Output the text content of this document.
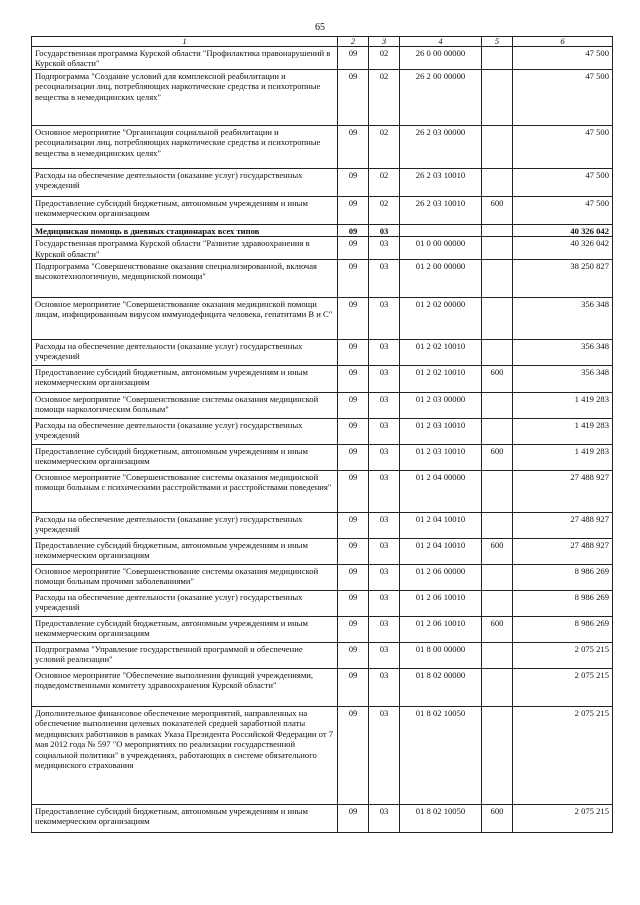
65
1	2	3	4	5	6
Государственная программа Курской области "Профилактика правонарушений в Курской области"	09	02	26 0 00 00000		47 500
Подпрограмма "Создание условий для комплексной реабилитации и ресоциализации лиц, потребляющих наркотические средства и психотропные вещества в немедицинских целях"	09	02	26 2 00 00000		47 500
Основное мероприятие "Организация социальной реабилитации и ресоциализации лиц, потребляющих наркотические средства и психотропные вещества в немедицинских целях"	09	02	26 2 03 00000		47 500
Расходы на обеспечение деятельности (оказание услуг) государственных учреждений	09	02	26 2 03 10010		47 500
Предоставление субсидий бюджетным, автономным учреждениям и иным некоммерческим организациям	09	02	26 2 03 10010	600	47 500
Медицинская помощь в дневных стационарах всех типов	09	03			40 326 042
Государственная программа Курской области "Развитие здравоохранения в Курской области"	09	03	01 0 00 00000		40 326 042
Подпрограмма "Совершенствование оказания специализированной, включая высокотехнологичную, медицинской помощи"	09	03	01 2 00 00000		38 250 827
Основное мероприятие "Совершенствование оказания медицинской помощи лицам, инфицированным вирусом иммунодефицита человека, гепатитами В и С"	09	03	01 2 02 00000		356 348
Расходы на обеспечение деятельности (оказание услуг) государственных учреждений	09	03	01 2 02 10010		356 348
Предоставление субсидий бюджетным, автономным учреждениям и иным некоммерческим организациям	09	03	01 2 02 10010	600	356 348
Основное мероприятие "Совершенствование системы оказания медицинской помощи наркологическим больным"	09	03	01 2 03 00000		1 419 283
Расходы на обеспечение деятельности (оказание услуг) государственных учреждений	09	03	01 2 03 10010		1 419 283
Предоставление субсидий бюджетным, автономным учреждениям и иным некоммерческим организациям	09	03	01 2 03 10010	600	1 419 283
Основное мероприятие "Совершенствование системы оказания медицинской помощи больным с психическими расстройствами и расстройствами поведения"	09	03	01 2 04 00000		27 488 927
Расходы на обеспечение деятельности (оказание услуг) государственных учреждений	09	03	01 2 04 10010		27 488 927
Предоставление субсидий бюджетным, автономным учреждениям и иным некоммерческим организациям	09	03	01 2 04 10010	600	27 488 927
Основное мероприятие "Совершенствование системы оказания медицинской помощи больным прочими заболеваниями"	09	03	01 2 06 00000		8 986 269
Расходы на обеспечение деятельности (оказание услуг) государственных учреждений	09	03	01 2 06 10010		8 986 269
Предоставление субсидий бюджетным, автономным учреждениям и иным некоммерческим организациям	09	03	01 2 06 10010	600	8 986 269
Подпрограмма "Управление государственной программой и обеспечение условий реализации"	09	03	01 8 00 00000		2 075 215
Основное мероприятие "Обеспечение выполнения функций учреждениями, подведомственными комитету здравоохранения Курской области"	09	03	01 8 02 00000		2 075 215
Дополнительное финансовое обеспечение мероприятий, направленных на обеспечение выполнения целевых показателей средней заработной платы медицинских работников в рамках Указа Президента Российской Федерации от 7 мая 2012 года № 597 "О мероприятиях по реализации государственной социальной политики" в учреждениях, работающих в системе обязательного медицинского страхования	09	03	01 8 02 10050		2 075 215
Предоставление субсидий бюджетным, автономным учреждениям и иным некоммерческим организациям	09	03	01 8 02 10050	600	2 075 215
